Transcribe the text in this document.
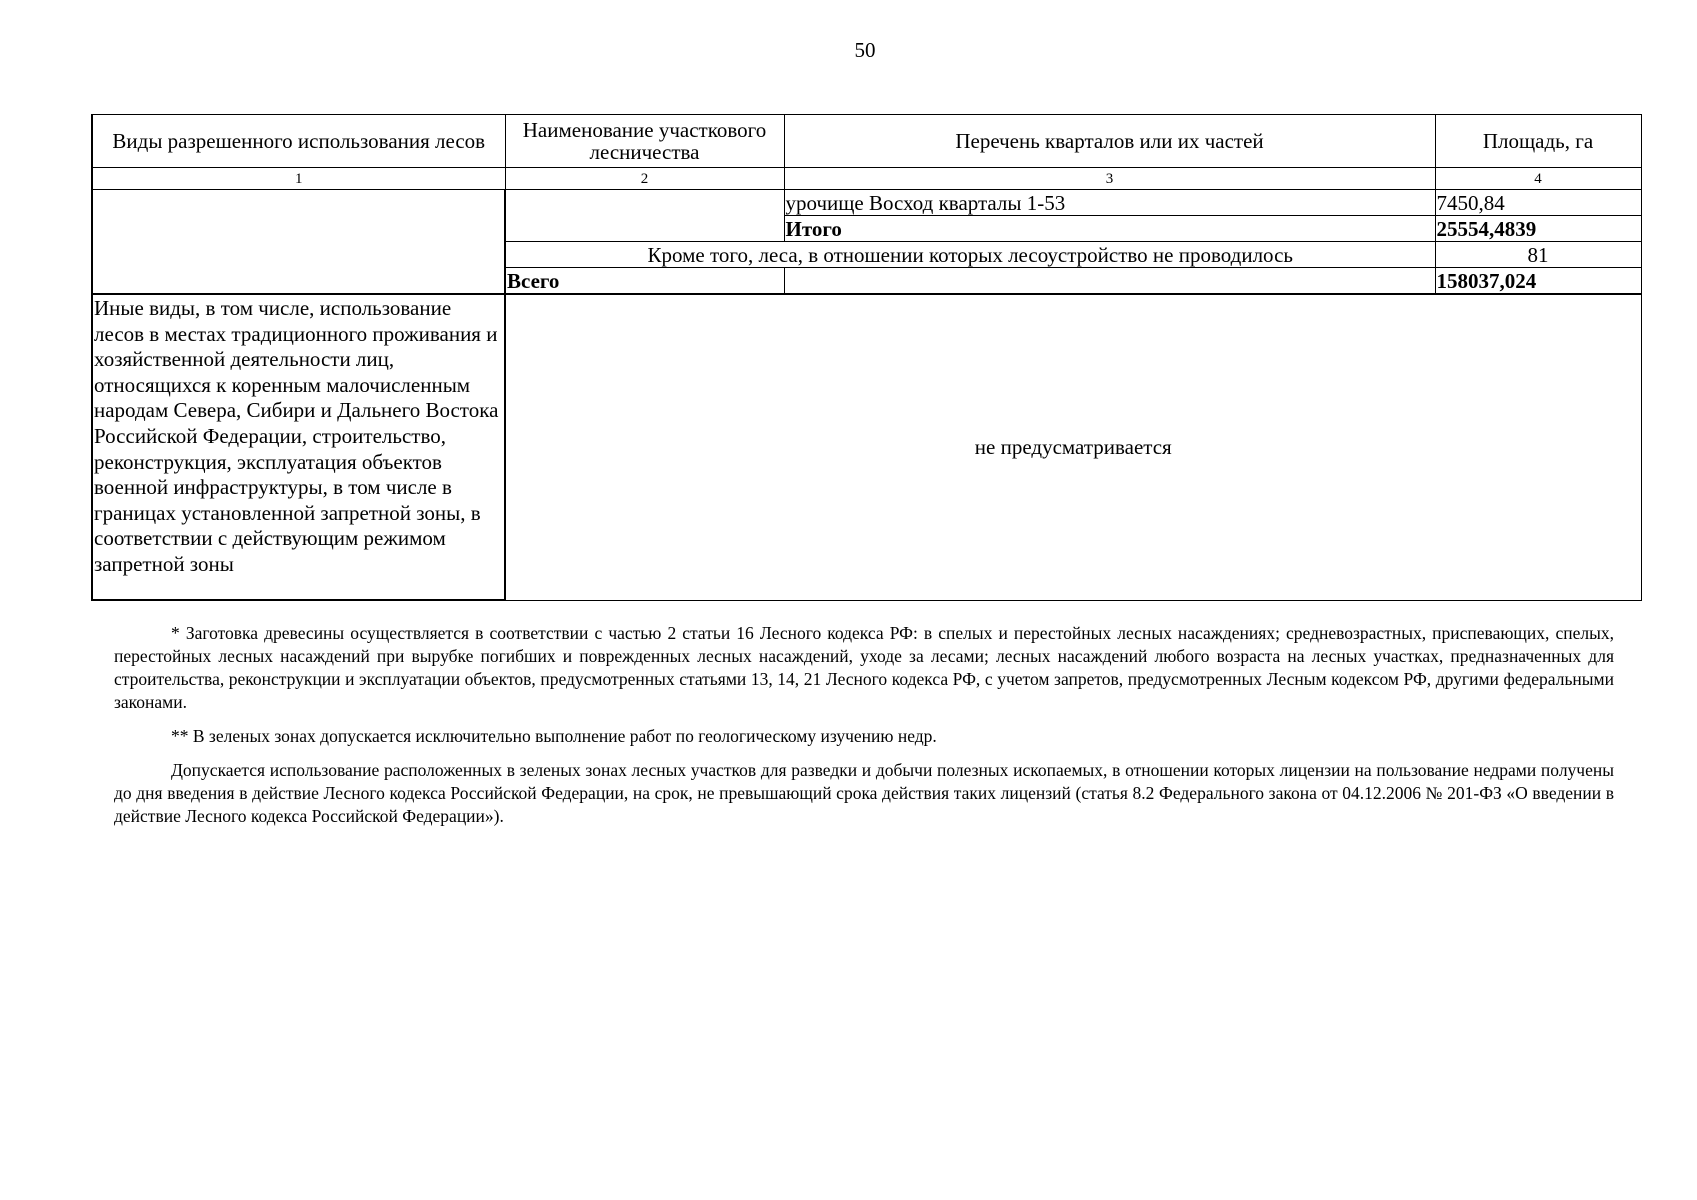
50
Виды разрешенного использования лесов	Наименование участкового лесничества	Перечень кварталов или их частей	Площадь, га
1	2	3	4
		урочище Восход кварталы 1-53	7450,84
		Итого	25554,4839
	Кроме того, леса, в отношении которых лесоустройство не проводилось		81
	Всего		158037,024
Иные виды, в том числе, использование лесов в местах традиционного проживания и хозяйственной деятельности лиц, относящихся к коренным малочисленным народам Севера, Сибири и Дальнего Востока Российской Федерации, строительство, реконструкция, эксплуатация объектов военной инфраструктуры, в том числе в границах установленной запретной зоны, в соответствии с действующим режимом запретной зоны	не предусматривается		

* Заготовка древесины осуществляется в соответствии с частью 2 статьи 16 Лесного кодекса РФ: в спелых и перестойных лесных насаждениях; средневозрастных, приспевающих, спелых, перестойных лесных насаждений при вырубке погибших и поврежденных лесных насаждений, уходе за лесами; лесных насаждений любого возраста на лесных участках, предназначенных для строительства, реконструкции и эксплуатации объектов, предусмотренных статьями 13, 14, 21 Лесного кодекса РФ, с учетом запретов, предусмотренных Лесным кодексом РФ, другими федеральными законами.

** В зеленых зонах допускается исключительно выполнение работ по геологическому изучению недр.

Допускается использование расположенных в зеленых зонах лесных участков для разведки и добычи полезных ископаемых, в отношении которых лицензии на пользование недрами получены до дня введения в действие Лесного кодекса Российской Федерации, на срок, не превышающий срока действия таких лицензий (статья 8.2 Федерального закона от 04.12.2006 № 201-ФЗ «О введении в действие Лесного кодекса Российской Федерации»).
